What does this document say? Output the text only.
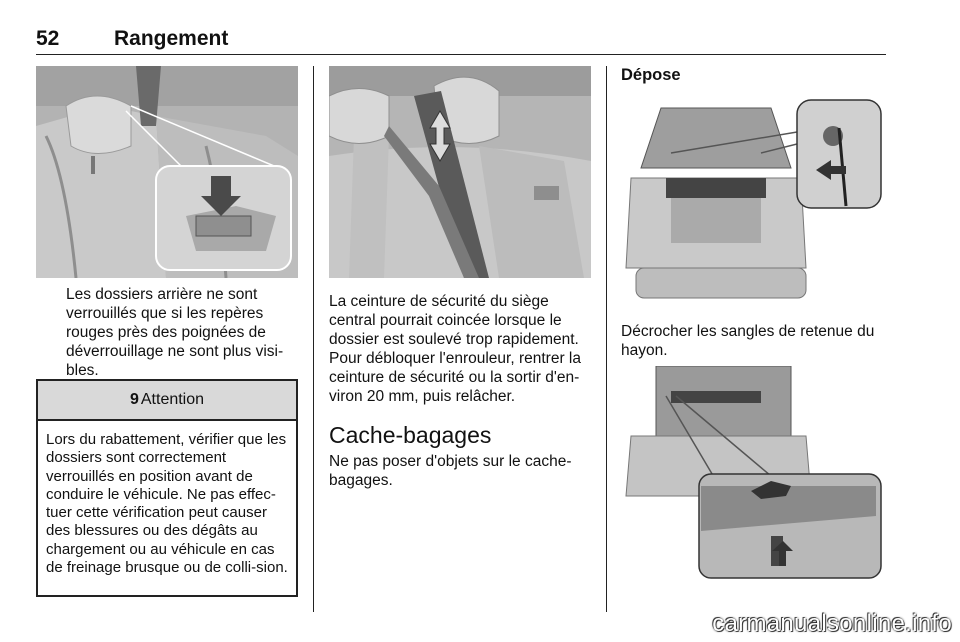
52	Rangement
Les dossiers arrière ne sont verrouillés que si les repères rouges près des poignées de déverrouillage ne sont plus visi-bles.
9 Attention
Lors du rabattement, vérifier que les dossiers sont correctement verrouillés en position avant de conduire le véhicule. Ne pas effec-tuer cette vérification peut causer des blessures ou des dégâts au chargement ou au véhicule en cas de freinage brusque ou de colli-sion.
La ceinture de sécurité du siège central pourrait coincée lorsque le dossier est soulevé trop rapidement. Pour débloquer l'enrouleur, rentrer la ceinture de sécurité ou la sortir d'en-viron 20 mm, puis relâcher.
Cache-bagages
Ne pas poser d'objets sur le cache-bagages.
Dépose
Décrocher les sangles de retenue du hayon.
carmanualsonline.info
